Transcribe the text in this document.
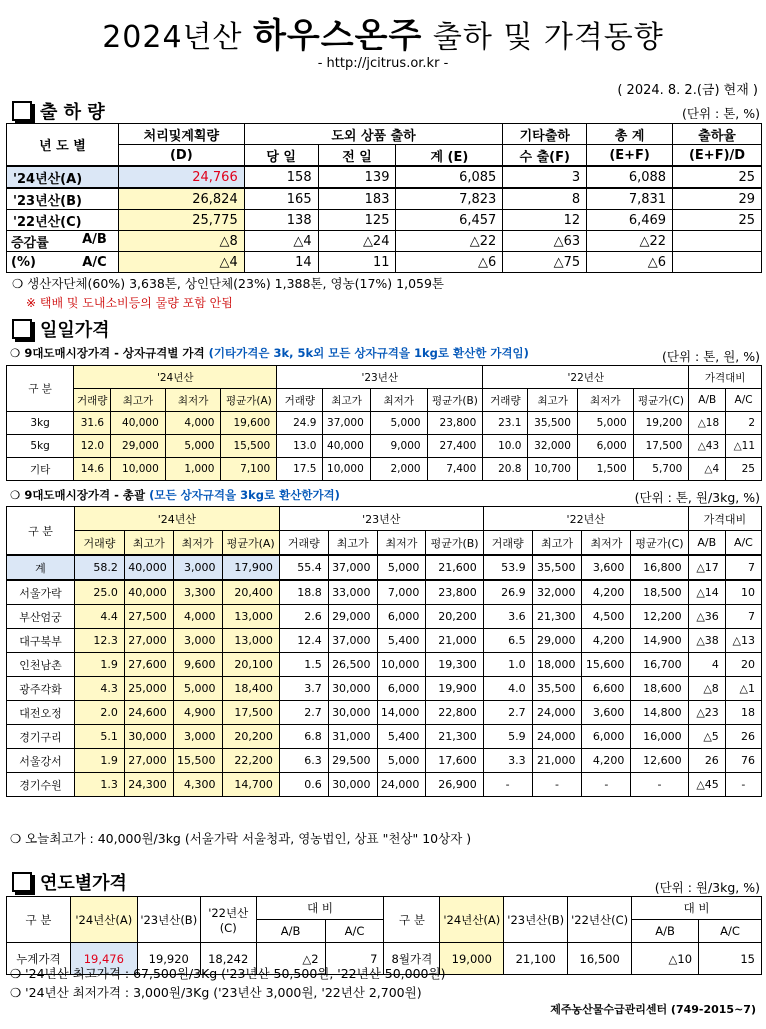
2024년산 하우스온주 출하 및 가격동향
- http://jcitrus.or.kr -
( 2024. 8. 2.(금) 현재 )
출 하 량	(단위 : 톤, %)
년 도 별	처리및계획량	도외 상품 출하			기타출하	총 계	출하율
	(D)	당 일	전 일	계 (E)	수 출(F)	(E+F)	(E+F)/D
'24년산(A)	24,766	158	139	6,085	3	6,088	25
'23년산(B)	26,824	165	183	7,823	8	7,831	29
'22년산(C)	25,775	138	125	6,457	12	6,469	25

증감률 A/B	△8	△4	△24	△22	△63	△22	

(%) A/C	△4	14	11	△6	△75	△6	
❍ 생산자단체(60%) 3,638톤, 상인단체(23%) 1,388톤, 영농(17%) 1,059톤
※ 택배 및 도내소비등의 물량 포함 안됨
일일가격
❍ 9대도매시장가격 - 상자규격별 가격 (기타가격은 3k, 5k외 모든 상자규격을 1kg로 환산한 가격임)	(단위 : 톤, 원, %)
구 분	'24년산				'23년산				'22년산				가격대비	
	거래량	최고가	최저가	평균가(A)	거래량	최고가	최저가	평균가(B)	거래량	최고가	최저가	평균가(C)	A/B	A/C
3kg	31.6	40,000	4,000	19,600	24.9	37,000	5,000	23,800	23.1	35,500	5,000	19,200	△18	2
5kg	12.0	29,000	5,000	15,500	13.0	40,000	9,000	27,400	10.0	32,000	6,000	17,500	△43	△11
기타	14.6	10,000	1,000	7,100	17.5	10,000	2,000	7,400	20.8	10,700	1,500	5,700	△4	25
❍ 9대도매시장가격 - 총괄 (모든 상자규격을 3kg로 환산한가격)	(단위 : 톤, 원/3kg, %)
구 분	'24년산				'23년산				'22년산				가격대비	
	거래량	최고가	최저가	평균가(A)	거래량	최고가	최저가	평균가(B)	거래량	최고가	최저가	평균가(C)	A/B	A/C
계	58.2	40,000	3,000	17,900	55.4	37,000	5,000	21,600	53.9	35,500	3,600	16,800	△17	7
서울가락	25.0	40,000	3,300	20,400	18.8	33,000	7,000	23,800	26.9	32,000	4,200	18,500	△14	10
부산엄궁	4.4	27,500	4,000	13,000	2.6	29,000	6,000	20,200	3.6	21,300	4,500	12,200	△36	7
대구북부	12.3	27,000	3,000	13,000	12.4	37,000	5,400	21,000	6.5	29,000	4,200	14,900	△38	△13
인천남촌	1.9	27,600	9,600	20,100	1.5	26,500	10,000	19,300	1.0	18,000	15,600	16,700	4	20
광주각화	4.3	25,000	5,000	18,400	3.7	30,000	6,000	19,900	4.0	35,500	6,600	18,600	△8	△1
대전오정	2.0	24,600	4,900	17,500	2.7	30,000	14,000	22,800	2.7	24,000	3,600	14,800	△23	18
경기구리	5.1	30,000	3,000	20,200	6.8	31,000	5,400	21,300	5.9	24,000	6,000	16,000	△5	26
서울강서	1.9	27,000	15,500	22,200	6.3	29,500	5,000	17,600	3.3	21,000	4,200	12,600	26	76
경기수원	1.3	24,300	4,300	14,700	0.6	30,000	24,000	26,900	-	-	-	-	△45	-
❍ 오늘최고가 : 40,000원/3kg (서울가락 서울청과, 영농법인, 상표 "천상" 10상자 )
연도별가격	(단위 : 원/3kg, %)
구 분	'24년산(A)	'23년산(B)	'22년산(C)	대 비		구 분	'24년산(A)	'23년산(B)	'22년산(C)	대 비	
				A/B	A/C					A/B	A/C
누계가격	19,476	19,920	18,242	△2	7	8월가격	19,000	21,100	16,500	△10	15
❍ '24년산 최고가격 : 67,500원/3Kg ('23년산 50,500원, '22년산 50,000원)
❍ '24년산 최저가격 : 3,000원/3Kg ('23년산 3,000원, '22년산 2,700원)
제주농산물수급관리센터 (749-2015~7)
